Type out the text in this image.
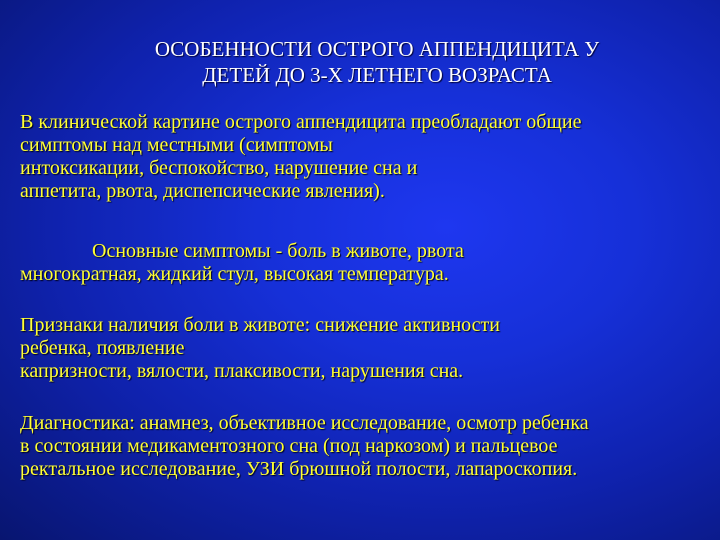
ОСОБЕННОСТИ ОСТРОГО АППЕНДИЦИТА У
ДЕТЕЙ ДО 3-Х ЛЕТНЕГО ВОЗРАСТА
В клинической картине острого аппендицита преобладают общие
симптомы над местными (симптомы
интоксикации, беспокойство, нарушение сна и
аппетита, рвота, диспепсические явления).
Основные симптомы - боль в животе, рвота
многократная, жидкий стул, высокая температура.
Признаки наличия боли в животе: снижение активности
ребенка, появление
капризности, вялости, плаксивости, нарушения сна.
Диагностика: анамнез, объективное исследование, осмотр ребенка
в состоянии медикаментозного сна (под наркозом) и пальцевое
ректальное исследование, УЗИ брюшной полости, лапароскопия.
